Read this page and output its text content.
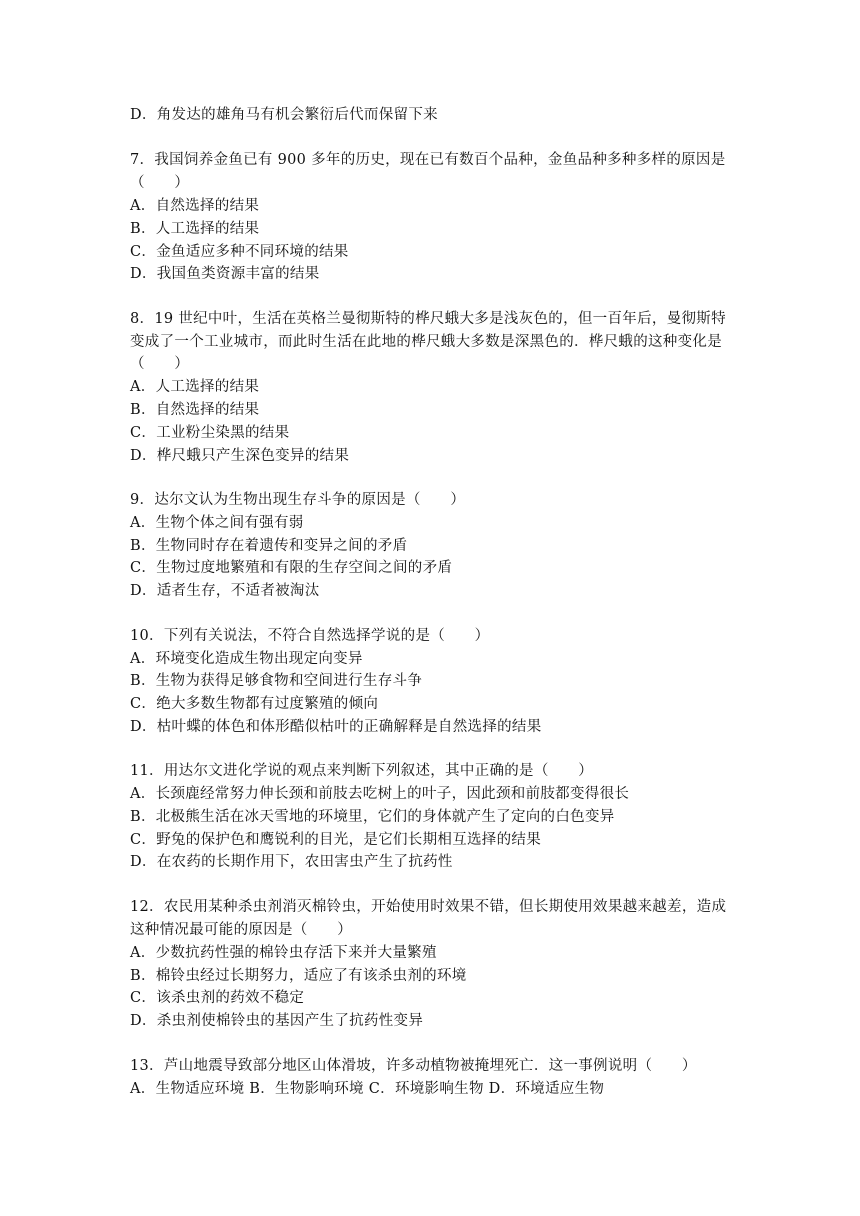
D．角发达的雄角马有机会繁衍后代而保留下来
7．我国饲养金鱼已有 900 多年的历史，现在已有数百个品种，金鱼品种多种多样的原因是
（　　）
A．自然选择的结果
B．人工选择的结果
C．金鱼适应多种不同环境的结果
D．我国鱼类资源丰富的结果
8．19 世纪中叶，生活在英格兰曼彻斯特的桦尺蛾大多是浅灰色的，但一百年后，曼彻斯特
变成了一个工业城市，而此时生活在此地的桦尺蛾大多数是深黑色的．桦尺蛾的这种变化是
（　　）
A．人工选择的结果
B．自然选择的结果
C．工业粉尘染黑的结果
D．桦尺蛾只产生深色变异的结果
9．达尔文认为生物出现生存斗争的原因是（　　）
A．生物个体之间有强有弱
B．生物同时存在着遗传和变异之间的矛盾
C．生物过度地繁殖和有限的生存空间之间的矛盾
D．适者生存，不适者被淘汰
10．下列有关说法，不符合自然选择学说的是（　　）
A．环境变化造成生物出现定向变异
B．生物为获得足够食物和空间进行生存斗争
C．绝大多数生物都有过度繁殖的倾向
D．枯叶蝶的体色和体形酷似枯叶的正确解释是自然选择的结果
11．用达尔文进化学说的观点来判断下列叙述，其中正确的是（　　）
A．长颈鹿经常努力伸长颈和前肢去吃树上的叶子，因此颈和前肢都变得很长
B．北极熊生活在冰天雪地的环境里，它们的身体就产生了定向的白色变异
C．野兔的保护色和鹰锐利的目光，是它们长期相互选择的结果
D．在农药的长期作用下，农田害虫产生了抗药性
12．农民用某种杀虫剂消灭棉铃虫，开始使用时效果不错，但长期使用效果越来越差，造成
这种情况最可能的原因是（　　）
A．少数抗药性强的棉铃虫存活下来并大量繁殖
B．棉铃虫经过长期努力，适应了有该杀虫剂的环境
C．该杀虫剂的药效不稳定
D．杀虫剂使棉铃虫的基因产生了抗药性变异
13．芦山地震导致部分地区山体滑坡，许多动植物被掩埋死亡．这一事例说明（　　）
A．生物适应环境 B．生物影响环境 C．环境影响生物 D．环境适应生物
